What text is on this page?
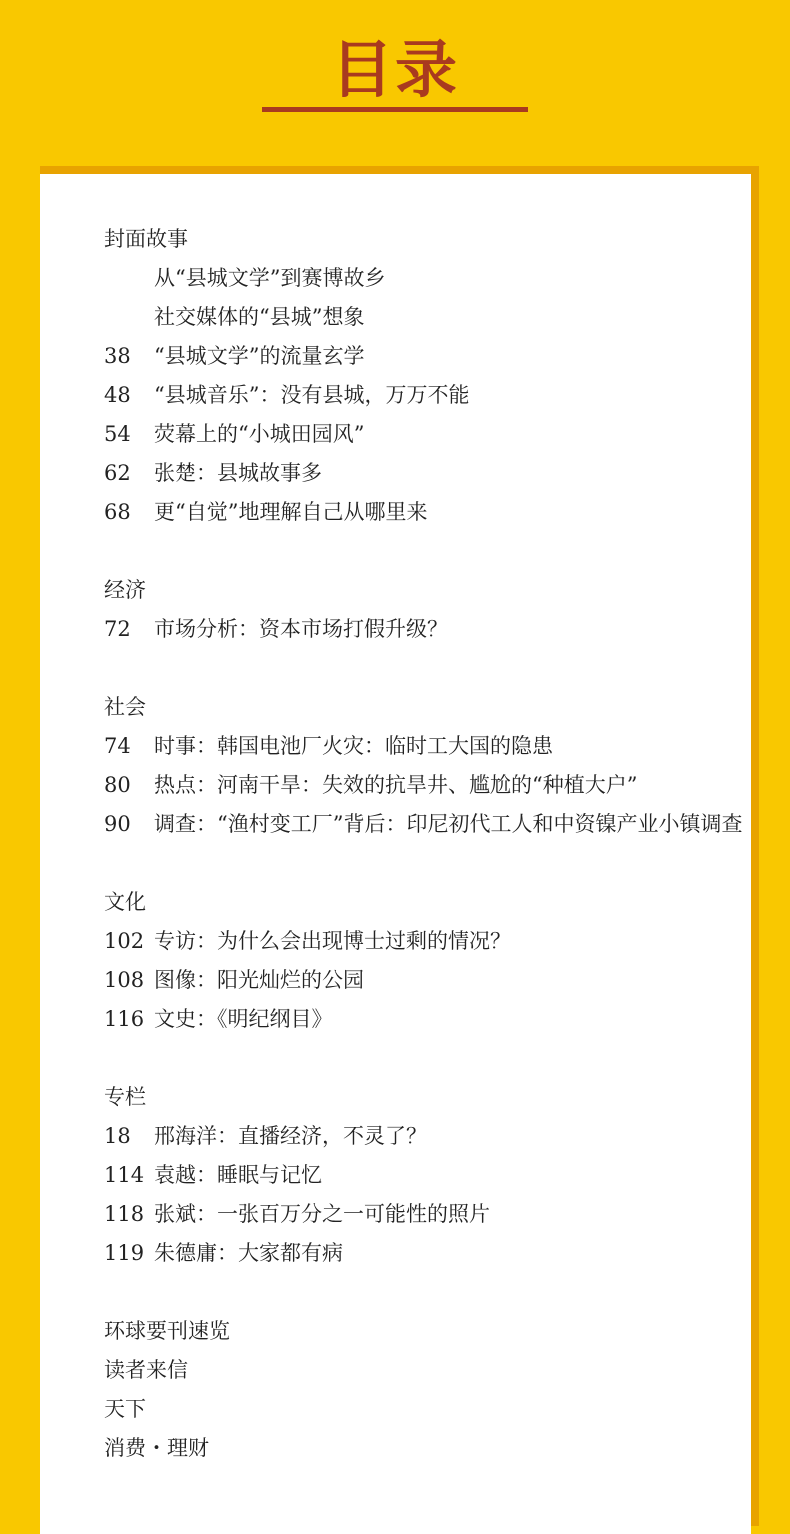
目录
封面故事
从“县城文学”到赛博故乡
社交媒体的“县城”想象
38 “县城文学”的流量玄学
48 “县城音乐”：没有县城，万万不能
54 荧幕上的“小城田园风”
62 张楚：县城故事多
68 更“自觉”地理解自己从哪里来
经济
72 市场分析：资本市场打假升级？
社会
74 时事：韩国电池厂火灾：临时工大国的隐患
80 热点：河南干旱：失效的抗旱井、尴尬的“种植大户”
90 调查：“渔村变工厂”背后：印尼初代工人和中资镍产业小镇调查
文化
102 专访：为什么会出现博士过剩的情况？
108 图像：阳光灿烂的公园
116 文史：《明纪纲目》
专栏
18 邢海洋：直播经济，不灵了？
114 袁越：睡眠与记忆
118 张斌：一张百万分之一可能性的照片
119 朱德庸：大家都有病
环球要刊速览
读者来信
天下
消费・理财
